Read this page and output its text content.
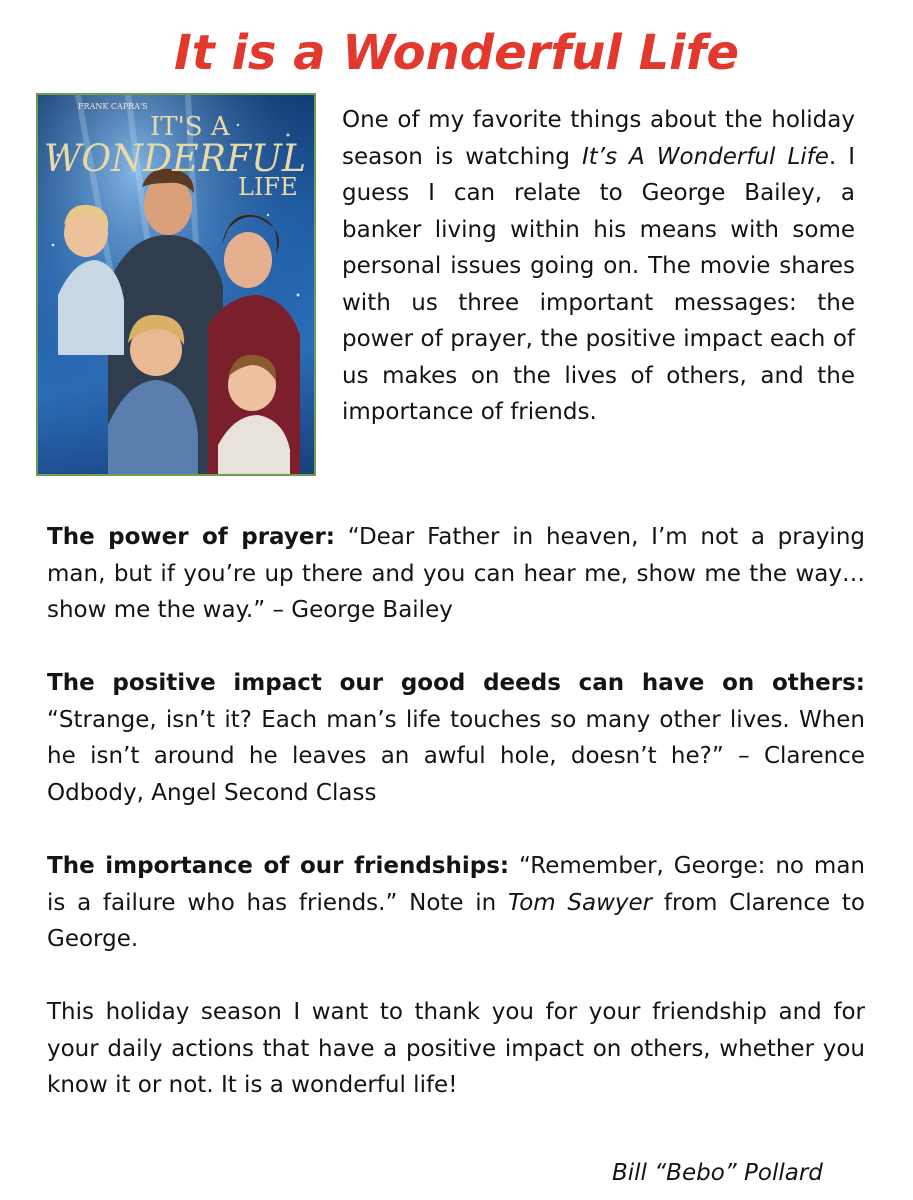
It is a Wonderful Life
FRANK CAPRA'S
IT'S A
WONDERFUL
LIFE

One of my favorite things about the holiday season is watching It’s A Wonderful Life. I guess I can relate to George Bailey, a banker living within his means with some personal issues going on. The movie shares with us three important messages: the power of prayer, the positive impact each of us makes on the lives of others, and the importance of friends.

The power of prayer: “Dear Father in heaven, I’m not a praying man, but if you’re up there and you can hear me, show me the way…show me the way.” – George Bailey

The positive impact our good deeds can have on others: “Strange, isn’t it? Each man’s life touches so many other lives. When he isn’t around he leaves an awful hole, doesn’t he?” – Clarence Odbody, Angel Second Class

The importance of our friendships: “Remember, George: no man is a failure who has friends.” Note in Tom Sawyer from Clarence to George.

This holiday season I want to thank you for your friendship and for your daily actions that have a positive impact on others, whether you know it or not. It is a wonderful life!

Bill “Bebo” Pollard
